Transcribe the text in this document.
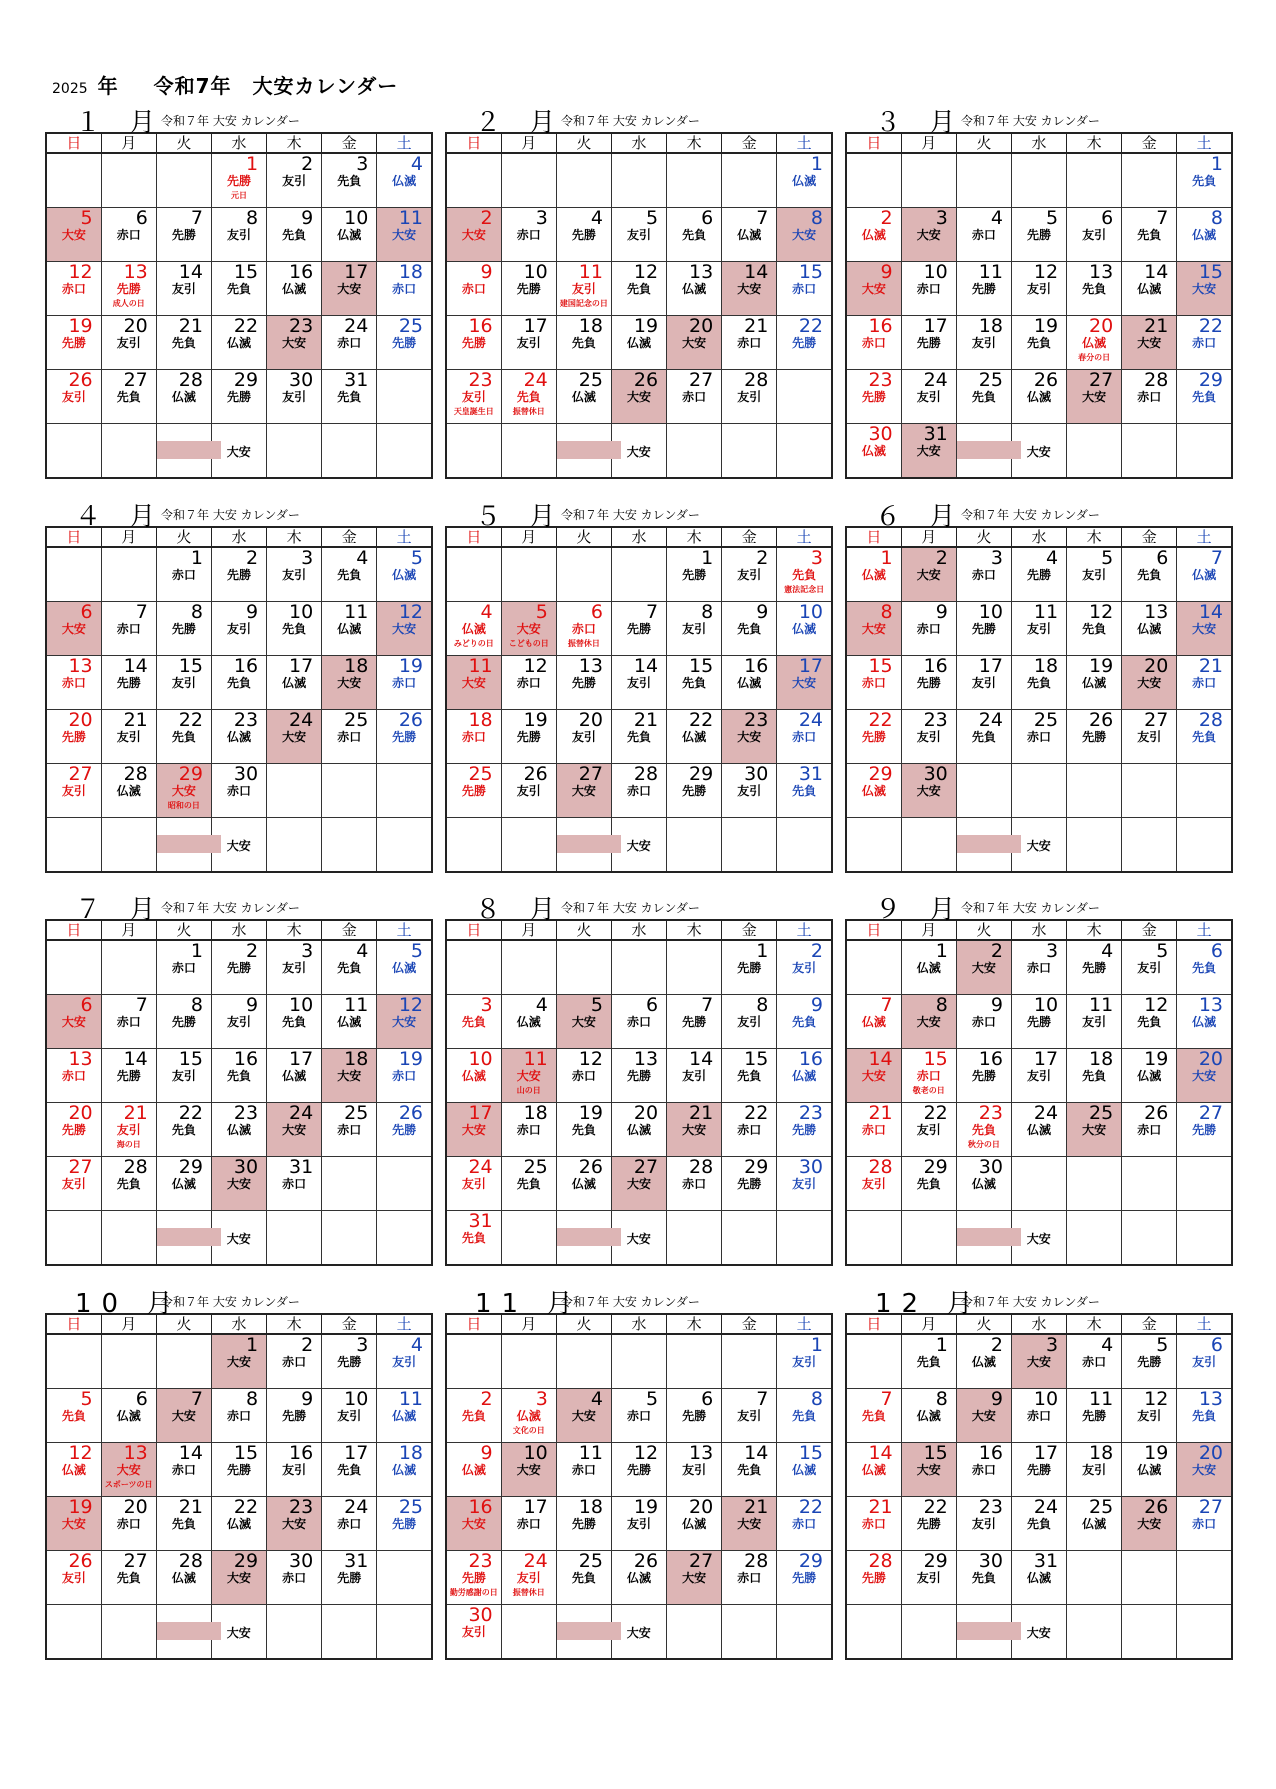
2025 年 令和7年　大安カレンダー
１ 月
令和７年 大安 カレンダー
日	月	火	水	木	金	土

			1
先勝
元日	2
友引	3
先負	4
仏滅

5
大安	6
赤口	7
先勝	8
友引	9
先負	10
仏滅	11
大安

12
赤口	13
先勝
成人の日	14
友引	15
先負	16
仏滅	17
大安	18
赤口

19
先勝	20
友引	21
先負	22
仏滅	23
大安	24
赤口	25
先勝

26
友引	27
先負	28
仏滅	29
先勝	30
友引	31
先負	

		大安				

２ 月
令和７年 大安 カレンダー
日	月	火	水	木	金	土

						1
仏滅

2
大安	3
赤口	4
先勝	5
友引	6
先負	7
仏滅	8
大安

9
赤口	10
先勝	11
友引
建国記念の日	12
先負	13
仏滅	14
大安	15
赤口

16
先勝	17
友引	18
先負	19
仏滅	20
大安	21
赤口	22
先勝

23
友引
天皇誕生日	24
先負
振替休日	25
仏滅	26
大安	27
赤口	28
友引	

		大安				

３ 月
令和７年 大安 カレンダー
日	月	火	水	木	金	土

						1
先負

2
仏滅	3
大安	4
赤口	5
先勝	6
友引	7
先負	8
仏滅

9
大安	10
赤口	11
先勝	12
友引	13
先負	14
仏滅	15
大安

16
赤口	17
先勝	18
友引	19
先負	20
仏滅
春分の日	21
大安	22
赤口

23
先勝	24
友引	25
先負	26
仏滅	27
大安	28
赤口	29
先負

30
仏滅	31
大安	大安				

４ 月
令和７年 大安 カレンダー
日	月	火	水	木	金	土

		1
赤口	2
先勝	3
友引	4
先負	5
仏滅

6
大安	7
赤口	8
先勝	9
友引	10
先負	11
仏滅	12
大安

13
赤口	14
先勝	15
友引	16
先負	17
仏滅	18
大安	19
赤口

20
先勝	21
友引	22
先負	23
仏滅	24
大安	25
赤口	26
先勝

27
友引	28
仏滅	29
大安
昭和の日	30
赤口			

		大安				

５ 月
令和７年 大安 カレンダー
日	月	火	水	木	金	土

				1
先勝	2
友引	3
先負
憲法記念日

4
仏滅
みどりの日	5
大安
こどもの日	6
赤口
振替休日	7
先勝	8
友引	9
先負	10
仏滅

11
大安	12
赤口	13
先勝	14
友引	15
先負	16
仏滅	17
大安

18
赤口	19
先勝	20
友引	21
先負	22
仏滅	23
大安	24
赤口

25
先勝	26
友引	27
大安	28
赤口	29
先勝	30
友引	31
先負

		大安				

６ 月
令和７年 大安 カレンダー
日	月	火	水	木	金	土

1
仏滅	2
大安	3
赤口	4
先勝	5
友引	6
先負	7
仏滅

8
大安	9
赤口	10
先勝	11
友引	12
先負	13
仏滅	14
大安

15
赤口	16
先勝	17
友引	18
先負	19
仏滅	20
大安	21
赤口

22
先勝	23
友引	24
先負	25
赤口	26
先勝	27
友引	28
先負

29
仏滅	30
大安					

		大安				

７ 月
令和７年 大安 カレンダー
日	月	火	水	木	金	土

		1
赤口	2
先勝	3
友引	4
先負	5
仏滅

6
大安	7
赤口	8
先勝	9
友引	10
先負	11
仏滅	12
大安

13
赤口	14
先勝	15
友引	16
先負	17
仏滅	18
大安	19
赤口

20
先勝	21
友引
海の日	22
先負	23
仏滅	24
大安	25
赤口	26
先勝

27
友引	28
先負	29
仏滅	30
大安	31
赤口		

		大安				

８ 月
令和７年 大安 カレンダー
日	月	火	水	木	金	土

					1
先勝	2
友引

3
先負	4
仏滅	5
大安	6
赤口	7
先勝	8
友引	9
先負

10
仏滅	11
大安
山の日	12
赤口	13
先勝	14
友引	15
先負	16
仏滅

17
大安	18
赤口	19
先負	20
仏滅	21
大安	22
赤口	23
先勝

24
友引	25
先負	26
仏滅	27
大安	28
赤口	29
先勝	30
友引

31
先負		大安				

９ 月
令和７年 大安 カレンダー
日	月	火	水	木	金	土

	1
仏滅	2
大安	3
赤口	4
先勝	5
友引	6
先負

7
仏滅	8
大安	9
赤口	10
先勝	11
友引	12
先負	13
仏滅

14
大安	15
赤口
敬老の日	16
先勝	17
友引	18
先負	19
仏滅	20
大安

21
赤口	22
友引	23
先負
秋分の日	24
仏滅	25
大安	26
赤口	27
先勝

28
友引	29
先負	30
仏滅				

		大安				

10 月
令和７年 大安 カレンダー
日	月	火	水	木	金	土

			1
大安	2
赤口	3
先勝	4
友引

5
先負	6
仏滅	7
大安	8
赤口	9
先勝	10
友引	11
仏滅

12
仏滅	13
大安
スポーツの日	14
赤口	15
先勝	16
友引	17
先負	18
仏滅

19
大安	20
赤口	21
先負	22
仏滅	23
大安	24
赤口	25
先勝

26
友引	27
先負	28
仏滅	29
大安	30
赤口	31
先勝	

		大安				

11 月
令和７年 大安 カレンダー
日	月	火	水	木	金	土

						1
友引

2
先負	3
仏滅
文化の日	4
大安	5
赤口	6
先勝	7
友引	8
先負

9
仏滅	10
大安	11
赤口	12
先勝	13
友引	14
先負	15
仏滅

16
大安	17
赤口	18
先勝	19
友引	20
仏滅	21
大安	22
赤口

23
先勝
勤労感謝の日	24
友引
振替休日	25
先負	26
仏滅	27
大安	28
赤口	29
先勝

30
友引		大安				

12 月
令和７年 大安 カレンダー
日	月	火	水	木	金	土

	1
先負	2
仏滅	3
大安	4
赤口	5
先勝	6
友引

7
先負	8
仏滅	9
大安	10
赤口	11
先勝	12
友引	13
先負

14
仏滅	15
大安	16
赤口	17
先勝	18
友引	19
仏滅	20
大安

21
赤口	22
先勝	23
友引	24
先負	25
仏滅	26
大安	27
赤口

28
先勝	29
友引	30
先負	31
仏滅			

		大安				
